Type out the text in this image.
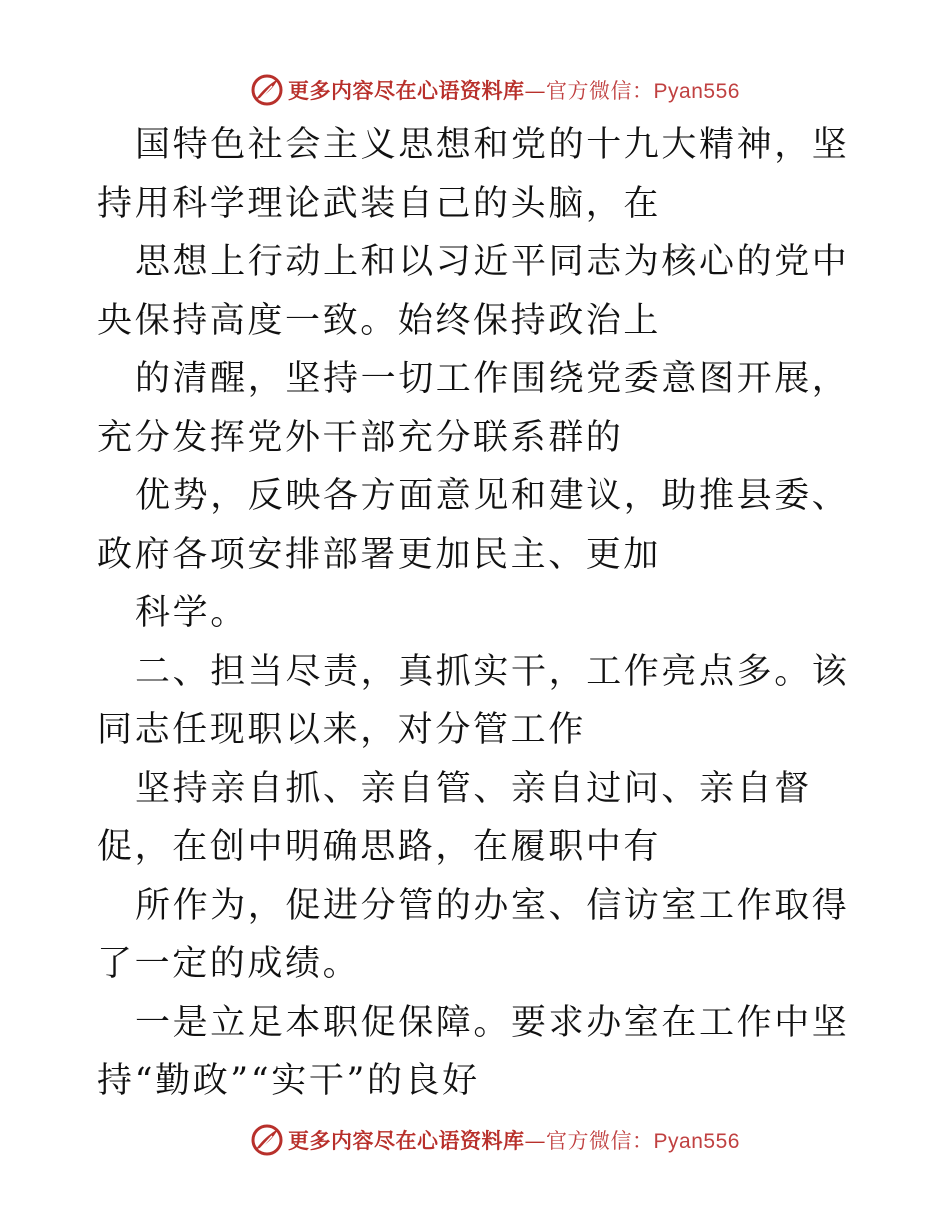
更多内容尽在心语资料库—官方微信：Pyan556

国特色社会主义思想和党的十九大精神，坚持用科学理论武装自己的头脑，在

思想上行动上和以习近平同志为核心的党中央保持高度一致。始终保持政治上

的清醒，坚持一切工作围绕党委意图开展，充分发挥党外干部充分联系群的

优势，反映各方面意见和建议，助推县委、政府各项安排部署更加民主、更加

科学。

二、担当尽责，真抓实干，工作亮点多。该同志任现职以来，对分管工作

坚持亲自抓、亲自管、亲自过问、亲自督促，在创中明确思路，在履职中有

所作为，促进分管的办室、信访室工作取得了一定的成绩。

一是立足本职促保障。要求办室在工作中坚持“勤政”“实干”的良好

更多内容尽在心语资料库—官方微信：Pyan556
